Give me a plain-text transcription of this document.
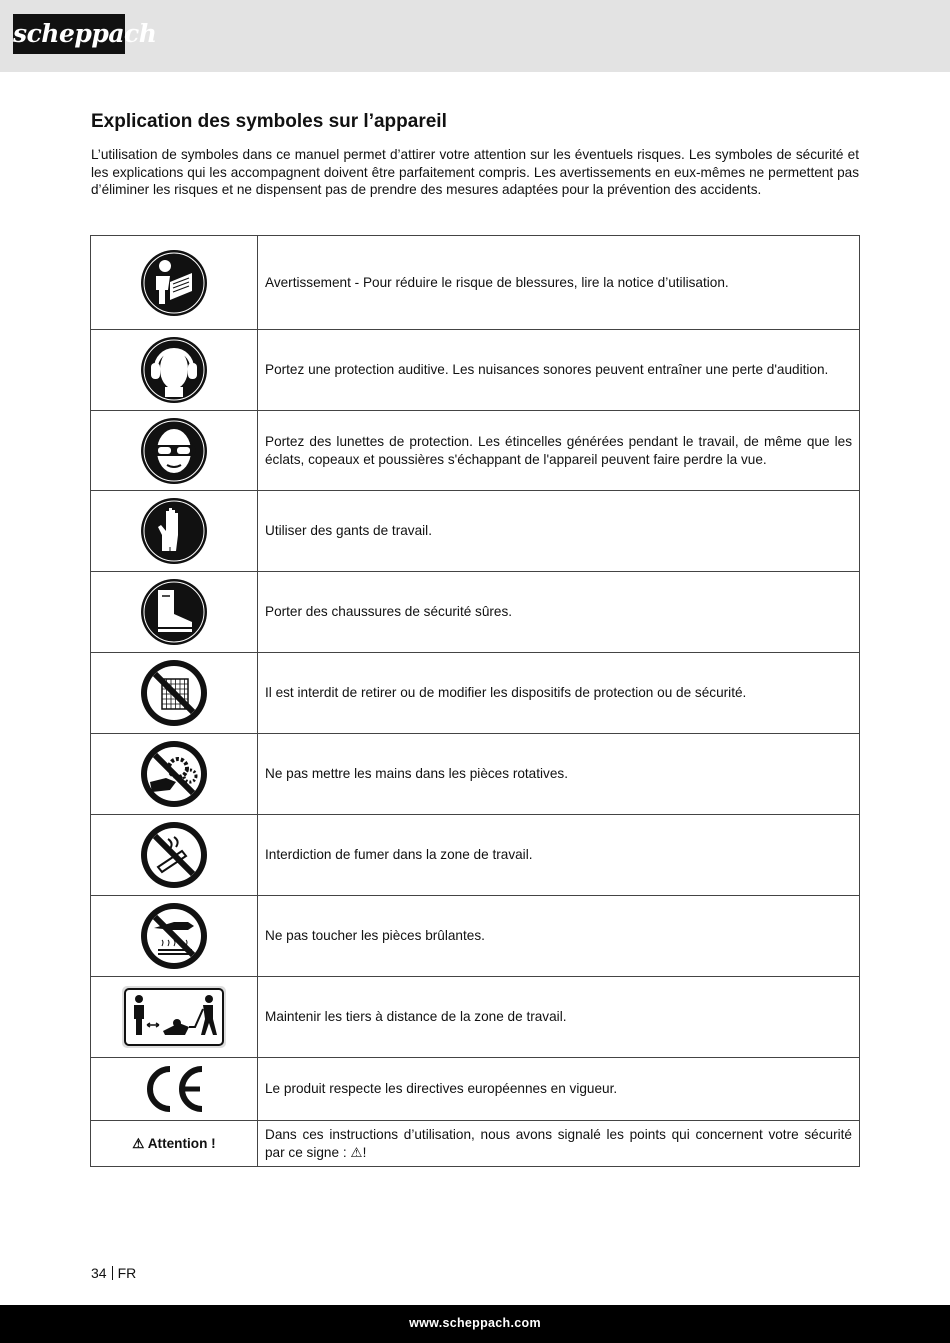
scheppach
Explication des symboles sur l’appareil

L’utilisation de symboles dans ce manuel permet d’attirer votre attention sur les éventuels risques. Les symboles de sécurité et les explications qui les accompagnent doivent être parfaitement compris. Les avertissements en eux-mêmes ne permettent pas d’éliminer les risques et ne dispensent pas de prendre des mesures adaptées pour la prévention des accidents.

	Avertissement - Pour réduire le risque de blessures, lire la notice d’utilisation.

	Portez une protection auditive. Les nuisances sonores peuvent entraîner une perte d'audition.

	Portez des lunettes de protection. Les étincelles générées pendant le travail, de même que les éclats, copeaux et poussières s'échappant de l'appareil peuvent faire perdre la vue.

	Utiliser des gants de travail.

	Porter des chaussures de sécurité sûres.

	Il est interdit de retirer ou de modifier les dispositifs de protection ou de sécurité.

	Ne pas mettre les mains dans les pièces rotatives.

	Interdiction de fumer dans la zone de travail.

	Ne pas toucher les pièces brûlantes.

	Maintenir les tiers à distance de la zone de travail.

	Le produit respecte les directives européennes en vigueur.
⚠ Attention !	Dans ces instructions d’utilisation, nous avons signalé les points qui concernent votre sécurité par ce signe : ⚠!
34 FR
www.scheppach.com
